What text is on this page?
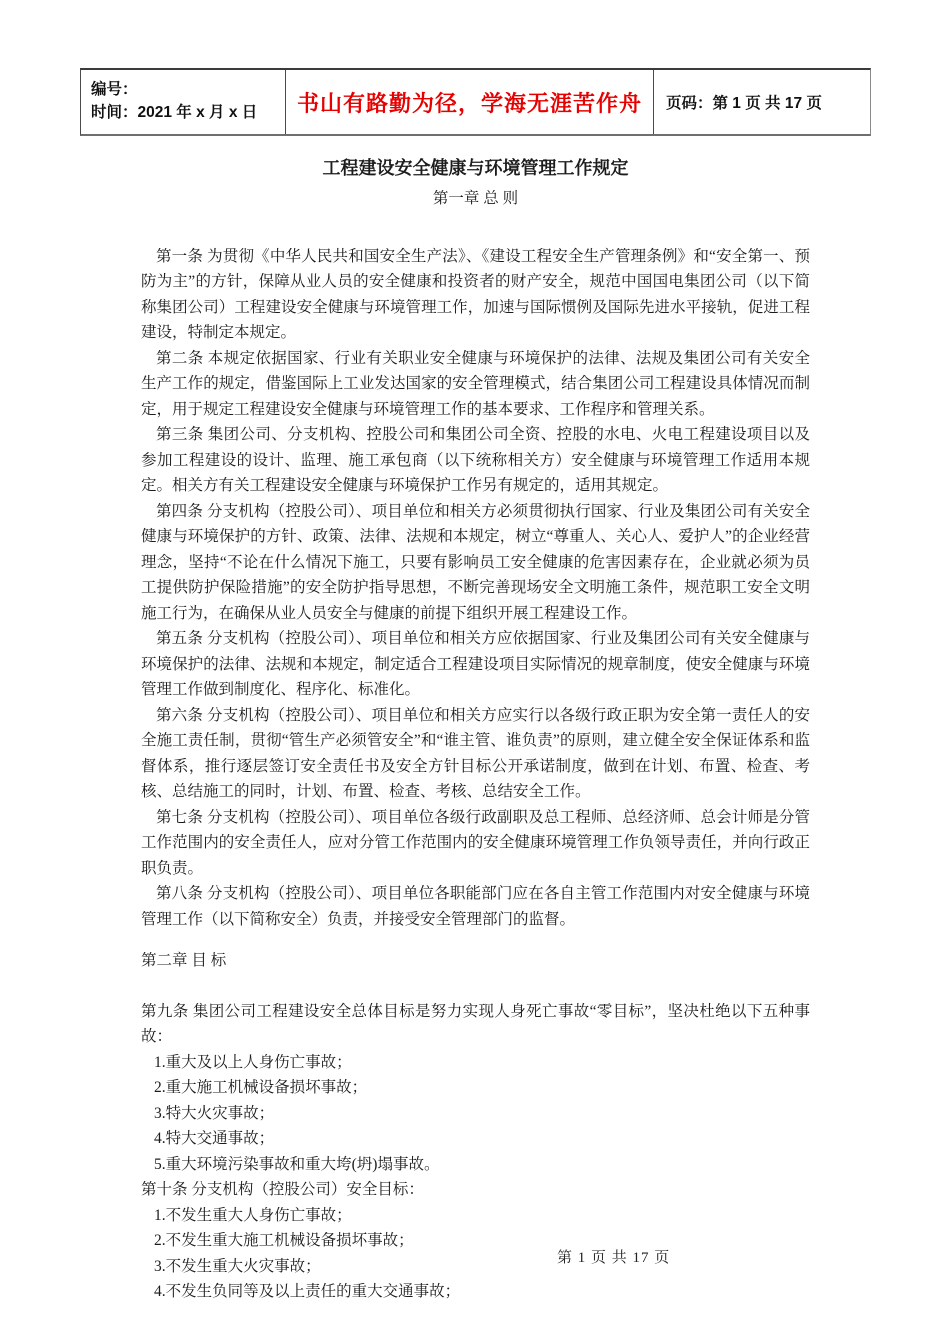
编号：
时间：2021 年 x 月 x 日	书山有路勤为径，学海无涯苦作舟 页码：第 1 页 共 17 页
工程建设安全健康与环境管理工作规定
第一章 总 则

第一条 为贯彻《中华人民共和国安全生产法》、《建设工程安全生产管理条例》和“安全第一、预防为主”的方针，保障从业人员的安全健康和投资者的财产安全，规范中国国电集团公司（以下简称集团公司）工程建设安全健康与环境管理工作，加速与国际惯例及国际先进水平接轨，促进工程建设，特制定本规定。

第二条 本规定依据国家、行业有关职业安全健康与环境保护的法律、法规及集团公司有关安全生产工作的规定，借鉴国际上工业发达国家的安全管理模式，结合集团公司工程建设具体情况而制定，用于规定工程建设安全健康与环境管理工作的基本要求、工作程序和管理关系。

第三条 集团公司、分支机构、控股公司和集团公司全资、控股的水电、火电工程建设项目以及参加工程建设的设计、监理、施工承包商（以下统称相关方）安全健康与环境管理工作适用本规定。相关方有关工程建设安全健康与环境保护工作另有规定的，适用其规定。

第四条 分支机构（控股公司）、项目单位和相关方必须贯彻执行国家、行业及集团公司有关安全健康与环境保护的方针、政策、法律、法规和本规定，树立“尊重人、关心人、爱护人”的企业经营理念，坚持“不论在什么情况下施工，只要有影响员工安全健康的危害因素存在，企业就必须为员工提供防护保险措施”的安全防护指导思想，不断完善现场安全文明施工条件，规范职工安全文明施工行为，在确保从业人员安全与健康的前提下组织开展工程建设工作。

第五条 分支机构（控股公司）、项目单位和相关方应依据国家、行业及集团公司有关安全健康与环境保护的法律、法规和本规定，制定适合工程建设项目实际情况的规章制度，使安全健康与环境管理工作做到制度化、程序化、标准化。

第六条 分支机构（控股公司）、项目单位和相关方应实行以各级行政正职为安全第一责任人的安全施工责任制，贯彻“管生产必须管安全”和“谁主管、谁负责”的原则，建立健全安全保证体系和监督体系，推行逐层签订安全责任书及安全方针目标公开承诺制度，做到在计划、布置、检查、考核、总结施工的同时，计划、布置、检查、考核、总结安全工作。

第七条 分支机构（控股公司）、项目单位各级行政副职及总工程师、总经济师、总会计师是分管工作范围内的安全责任人，应对分管工作范围内的安全健康环境管理工作负领导责任，并向行政正职负责。

第八条 分支机构（控股公司）、项目单位各职能部门应在各自主管工作范围内对安全健康与环境管理工作（以下简称安全）负责，并接受安全管理部门的监督。

第二章 目 标

第九条 集团公司工程建设安全总体目标是努力实现人身死亡事故“零目标”，坚决杜绝以下五种事故：

1.重大及以上人身伤亡事故；
2.重大施工机械设备损坏事故；
3.特大火灾事故；
4.特大交通事故；
5.重大环境污染事故和重大垮(坍)塌事故。

第十条 分支机构（控股公司）安全目标：

1.不发生重大人身伤亡事故；
2.不发生重大施工机械设备损坏事故；
3.不发生重大火灾事故；
4.不发生负同等及以上责任的重大交通事故；
第 1 页 共 17 页
